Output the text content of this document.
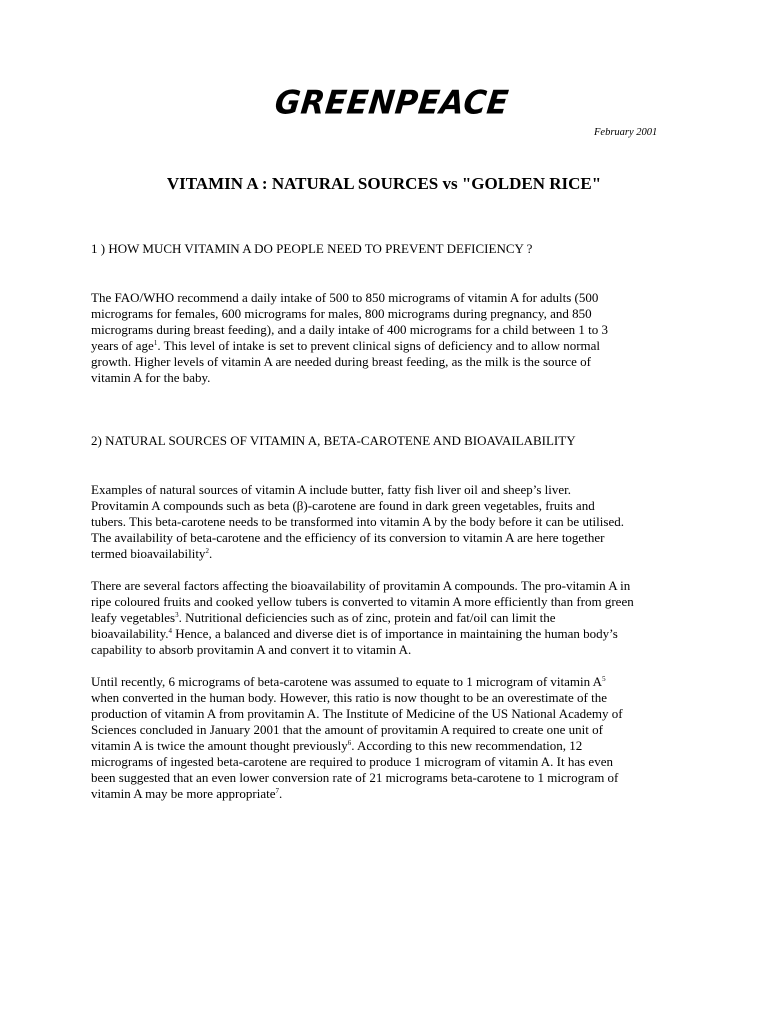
GREENPEACE
February 2001
VITAMIN A : NATURAL SOURCES vs "GOLDEN RICE"
1 ) HOW MUCH VITAMIN A DO PEOPLE NEED TO PREVENT DEFICIENCY ?
The FAO/WHO recommend a daily intake of 500 to 850 micrograms of vitamin A for adults (500
micrograms for females, 600 micrograms for males, 800 micrograms during pregnancy, and 850
micrograms during breast feeding), and a daily intake of 400 micrograms for a child between 1 to 3
years of age$^1$. This level of intake is set to prevent clinical signs of deficiency and to allow normal
growth. Higher levels of vitamin A are needed during breast feeding, as the milk is the source of
vitamin A for the baby.
2) NATURAL SOURCES OF VITAMIN A, BETA-CAROTENE AND BIOAVAILABILITY
Examples of natural sources of vitamin A include butter, fatty fish liver oil and sheep’s liver.
Provitamin A compounds such as beta (β)-carotene are found in dark green vegetables, fruits and
tubers. This beta-carotene needs to be transformed into vitamin A by the body before it can be utilised.
The availability of beta-carotene and the efficiency of its conversion to vitamin A are here together
termed bioavailability$^2$.
There are several factors affecting the bioavailability of provitamin A compounds. The pro-vitamin A in
ripe coloured fruits and cooked yellow tubers is converted to vitamin A more efficiently than from green
leafy vegetables$^3$. Nutritional deficiencies such as of zinc, protein and fat/oil can limit the
bioavailability.$^4$ Hence, a balanced and diverse diet is of importance in maintaining the human body’s
capability to absorb provitamin A and convert it to vitamin A.
Until recently, 6 micrograms of beta-carotene was assumed to equate to 1 microgram of vitamin $A^5$
when converted in the human body. However, this ratio is now thought to be an overestimate of the
production of vitamin A from provitamin A. The Institute of Medicine of the US National Academy of
Sciences concluded in January 2001 that the amount of provitamin A required to create one unit of
vitamin A is twice the amount thought previously$^6$. According to this new recommendation, 12
micrograms of ingested beta-carotene are required to produce 1 microgram of vitamin A. It has even
been suggested that an even lower conversion rate of 21 micrograms beta-carotene to 1 microgram of
vitamin A may be more appropriate$^7$.
